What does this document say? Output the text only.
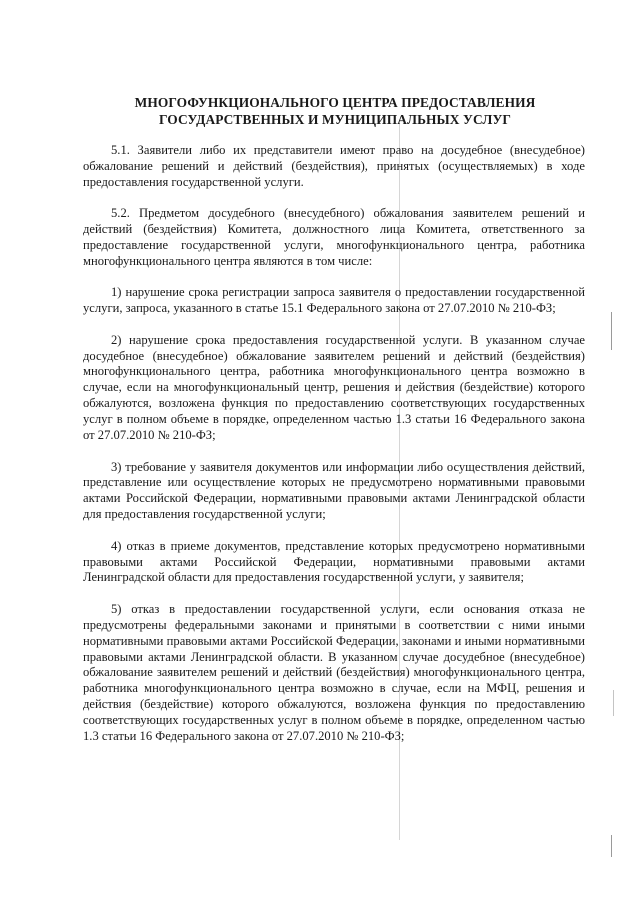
МНОГОФУНКЦИОНАЛЬНОГО ЦЕНТРА ПРЕДОСТАВЛЕНИЯ
ГОСУДАРСТВЕННЫХ И МУНИЦИПАЛЬНЫХ УСЛУГ

5.1. Заявители либо их представители имеют право на досудебное (внесудебное) обжалование решений и действий (бездействия), принятых (осуществляемых) в ходе предоставления государственной услуги.

5.2. Предметом досудебного (внесудебного) обжалования заявителем решений и действий (бездействия) Комитета, должностного лица Комитета, ответственного за предоставление государственной услуги, многофункционального центра, работника многофункционального центра являются в том числе:

1) нарушение срока регистрации запроса заявителя о предоставлении государственной услуги, запроса, указанного в статье 15.1 Федерального закона от 27.07.2010 № 210-ФЗ;

2) нарушение срока предоставления государственной услуги. В указанном случае досудебное (внесудебное) обжалование заявителем решений и действий (бездействия) многофункционального центра, работника многофункционального центра возможно в случае, если на многофункциональный центр, решения и действия (бездействие) которого обжалуются, возложена функция по предоставлению соответствующих государственных услуг в полном объеме в порядке, определенном частью 1.3 статьи 16 Федерального закона от 27.07.2010 № 210-ФЗ;

3) требование у заявителя документов или информации либо осуществления действий, представление или осуществление которых не предусмотрено нормативными правовыми актами Российской Федерации, нормативными правовыми актами Ленинградской области для предоставления государственной услуги;

4) отказ в приеме документов, представление которых предусмотрено нормативными правовыми актами Российской Федерации, нормативными правовыми актами Ленинградской области для предоставления государственной услуги, у заявителя;

5) отказ в предоставлении государственной услуги, если основания отказа не предусмотрены федеральными законами и принятыми в соответствии с ними иными нормативными правовыми актами Российской Федерации, законами и иными нормативными правовыми актами Ленинградской области. В указанном случае досудебное (внесудебное) обжалование заявителем решений и действий (бездействия) многофункционального центра, работника многофункционального центра возможно в случае, если на МФЦ, решения и действия (бездействие) которого обжалуются, возложена функция по предоставлению соответствующих государственных услуг в полном объеме в порядке, определенном частью 1.3 статьи 16 Федерального закона от 27.07.2010 № 210-ФЗ;
